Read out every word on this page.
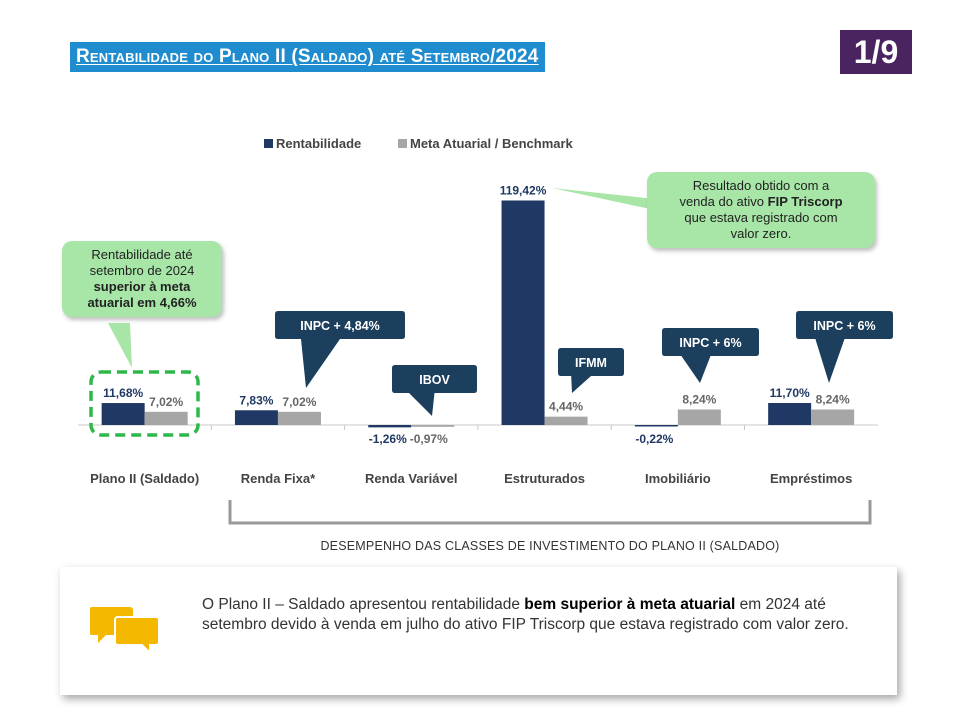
Rentabilidade do Plano II (Saldado) até Setembro/2024	1/9
Rentabilidade	Meta Atuarial / Benchmark
11,68%
7,02%
Plano II (Saldado)
7,83% 7,02%
Renda Fixa*
-1,26% -0,97%
Renda Variável
119,42%
4,44%
Estruturados
-0,22%
8,24%
Imobiliário
11,70% 8,24%
Empréstimos
INPC + 4,84%
IBOV
IFMM
INPC + 6%
INPC + 6%
Rentabilidade até
setembro de 2024
superior à meta
atuarial em 4,66%
Resultado obtido com a
venda do ativo FIP Triscorp
que estava registrado com
valor zero.
DESEMPENHO DAS CLASSES DE INVESTIMENTO DO PLANO II (SALDADO)
O Plano II – Saldado apresentou rentabilidade bem superior à meta atuarial em 2024 até setembro devido à venda em julho do ativo FIP Triscorp que estava registrado com valor zero.
